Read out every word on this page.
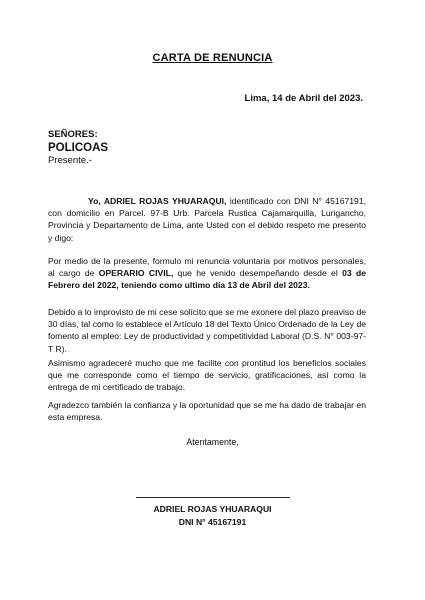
CARTA DE RENUNCIA
Lima, 14 de Abril del 2023.
SEÑORES:
POLICOAS
Presente.-
Yo, ADRIEL ROJAS YHUARAQUI, identificado con DNI N° 45167191, con domicilio en Parcel. 97-B Urb. Parcela Rustica Cajamarquilla, Lurigancho, Provincia y Departamento de Lima, ante Usted con el debido respeto me presento y digo:
Por medio de la presente, formulo mi renuncia voluntaria por motivos personales, al cargo de OPERARIO CIVIL, que he venido desempeñando desde el 03 de Febrero del 2022, teniendo como ultimo día 13 de Abril del 2023.
Debido a lo improvisto de mi cese solicito que se me exonere del plazo preaviso de 30 días, tal como lo establece el Artículo 18 del Texto Único Ordenado de la Ley de fomento al empleo: Ley de productividad y competitividad Laboral (D.S. N° 003-97-T R).
Asimismo agradeceré mucho que me facilite con prontitud los beneficios sociales que me corresponde como el tiempo de servicio, gratificaciones, así como la entrega de mi certificado de trabajo.
Agradezco también la confianza y la oportunidad que se me ha dado de trabajar en esta empresa.
Atentamente,
ADRIEL ROJAS YHUARAQUI
DNI N° 45167191
